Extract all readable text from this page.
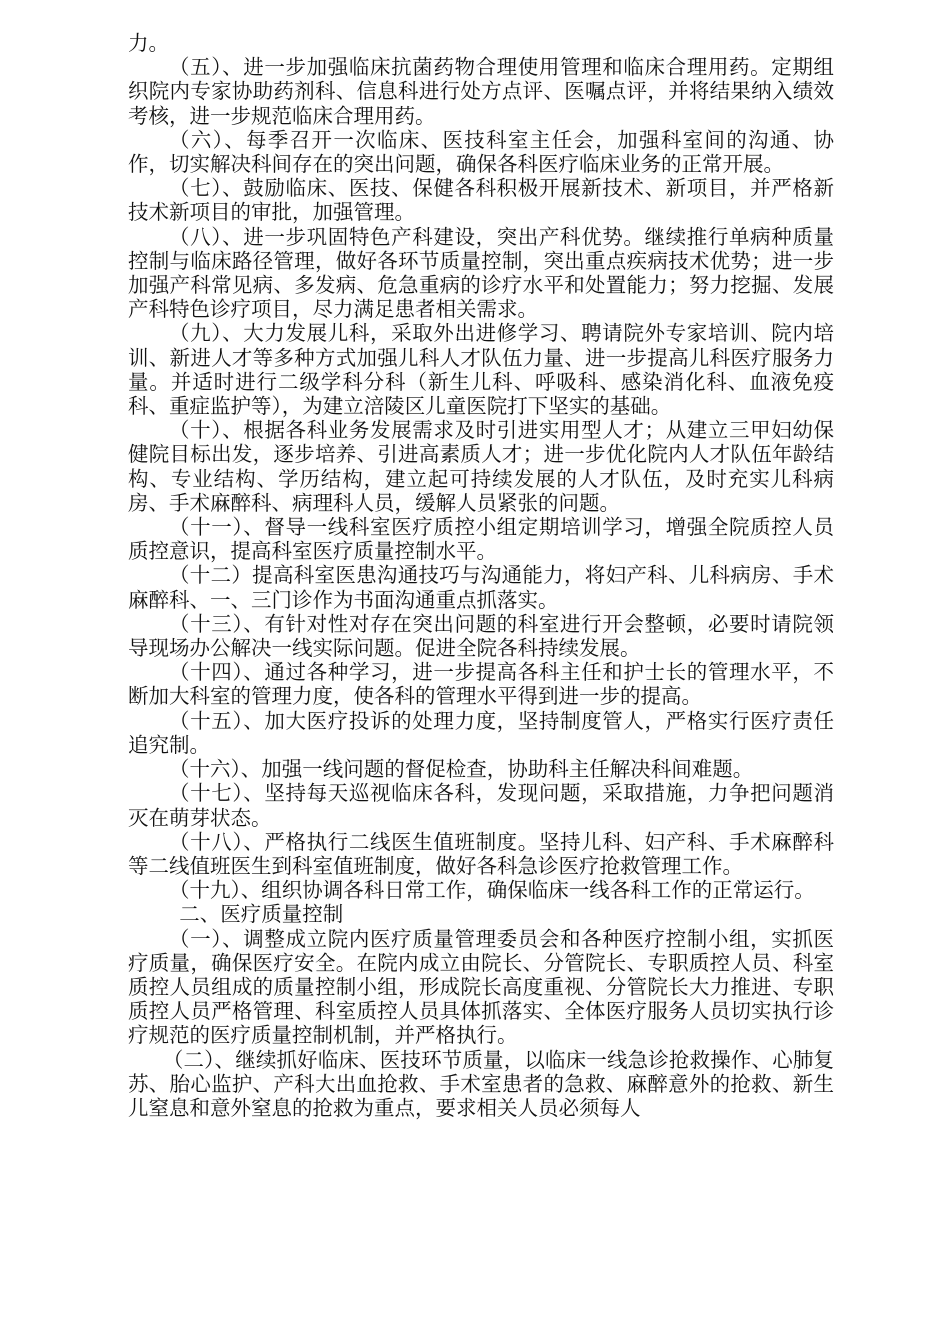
力。

（五）、进一步加强临床抗菌药物合理使用管理和临床合理用药。定期组织院内专家协助药剂科、信息科进行处方点评、医嘱点评，并将结果纳入绩效考核，进一步规范临床合理用药。

（六）、每季召开一次临床、医技科室主任会，加强科室间的沟通、协作，切实解决科间存在的突出问题，确保各科医疗临床业务的正常开展。

（七）、鼓励临床、医技、保健各科积极开展新技术、新项目，并严格新技术新项目的审批，加强管理。

（八）、进一步巩固特色产科建设，突出产科优势。继续推行单病种质量控制与临床路径管理，做好各环节质量控制，突出重点疾病技术优势；进一步加强产科常见病、多发病、危急重病的诊疗水平和处置能力；努力挖掘、发展产科特色诊疗项目，尽力满足患者相关需求。

（九）、大力发展儿科，采取外出进修学习、聘请院外专家培训、院内培训、新进人才等多种方式加强儿科人才队伍力量、进一步提高儿科医疗服务力量。并适时进行二级学科分科（新生儿科、呼吸科、感染消化科、血液免疫科、重症监护等），为建立涪陵区儿童医院打下坚实的基础。

（十）、根据各科业务发展需求及时引进实用型人才；从建立三甲妇幼保健院目标出发，逐步培养、引进高素质人才；进一步优化院内人才队伍年龄结构、专业结构、学历结构，建立起可持续发展的人才队伍，及时充实儿科病房、手术麻醉科、病理科人员，缓解人员紧张的问题。

（十一）、督导一线科室医疗质控小组定期培训学习，增强全院质控人员质控意识，提高科室医疗质量控制水平。

（十二）提高科室医患沟通技巧与沟通能力，将妇产科、儿科病房、手术麻醉科、一、三门诊作为书面沟通重点抓落实。

（十三）、有针对性对存在突出问题的科室进行开会整顿，必要时请院领导现场办公解决一线实际问题。促进全院各科持续发展。

（十四）、通过各种学习，进一步提高各科主任和护士长的管理水平，不断加大科室的管理力度，使各科的管理水平得到进一步的提高。

（十五）、加大医疗投诉的处理力度，坚持制度管人，严格实行医疗责任追究制。

（十六）、加强一线问题的督促检查，协助科主任解决科间难题。

（十七）、坚持每天巡视临床各科，发现问题，采取措施，力争把问题消灭在萌芽状态。

（十八）、严格执行二线医生值班制度。坚持儿科、妇产科、手术麻醉科等二线值班医生到科室值班制度，做好各科急诊医疗抢救管理工作。

（十九）、组织协调各科日常工作，确保临床一线各科工作的正常运行。

二、医疗质量控制

（一）、调整成立院内医疗质量管理委员会和各种医疗控制小组，实抓医疗质量，确保医疗安全。在院内成立由院长、分管院长、专职质控人员、科室质控人员组成的质量控制小组，形成院长高度重视、分管院长大力推进、专职质控人员严格管理、科室质控人员具体抓落实、全体医疗服务人员切实执行诊疗规范的医疗质量控制机制，并严格执行。

（二）、继续抓好临床、医技环节质量，以临床一线急诊抢救操作、心肺复苏、胎心监护、产科大出血抢救、手术室患者的急救、麻醉意外的抢救、新生儿窒息和意外窒息的抢救为重点，要求相关人员必须每人
